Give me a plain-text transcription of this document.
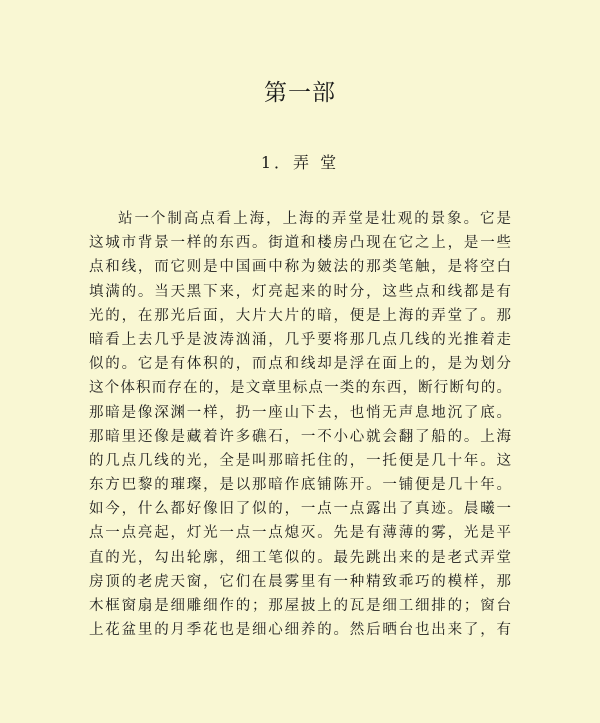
第一部
1．弄 堂
站一个制高点看上海，上海的弄堂是壮观的景象。它是
这城市背景一样的东西。街道和楼房凸现在它之上，是一些
点和线，而它则是中国画中称为皴法的那类笔触，是将空白
填满的。当天黑下来，灯亮起来的时分，这些点和线都是有
光的，在那光后面，大片大片的暗，便是上海的弄堂了。那
暗看上去几乎是波涛汹涌，几乎要将那几点几线的光推着走
似的。它是有体积的，而点和线却是浮在面上的，是为划分
这个体积而存在的，是文章里标点一类的东西，断行断句的。
那暗是像深渊一样，扔一座山下去，也悄无声息地沉了底。
那暗里还像是藏着许多礁石，一不小心就会翻了船的。上海
的几点几线的光，全是叫那暗托住的，一托便是几十年。这
东方巴黎的璀璨，是以那暗作底铺陈开。一铺便是几十年。
如今，什么都好像旧了似的，一点一点露出了真迹。晨曦一
点一点亮起，灯光一点一点熄灭。先是有薄薄的雾，光是平
直的光，勾出轮廓，细工笔似的。最先跳出来的是老式弄堂
房顶的老虎天窗，它们在晨雾里有一种精致乖巧的模样，那
木框窗扇是细雕细作的；那屋披上的瓦是细工细排的；窗台
上花盆里的月季花也是细心细养的。然后晒台也出来了，有
